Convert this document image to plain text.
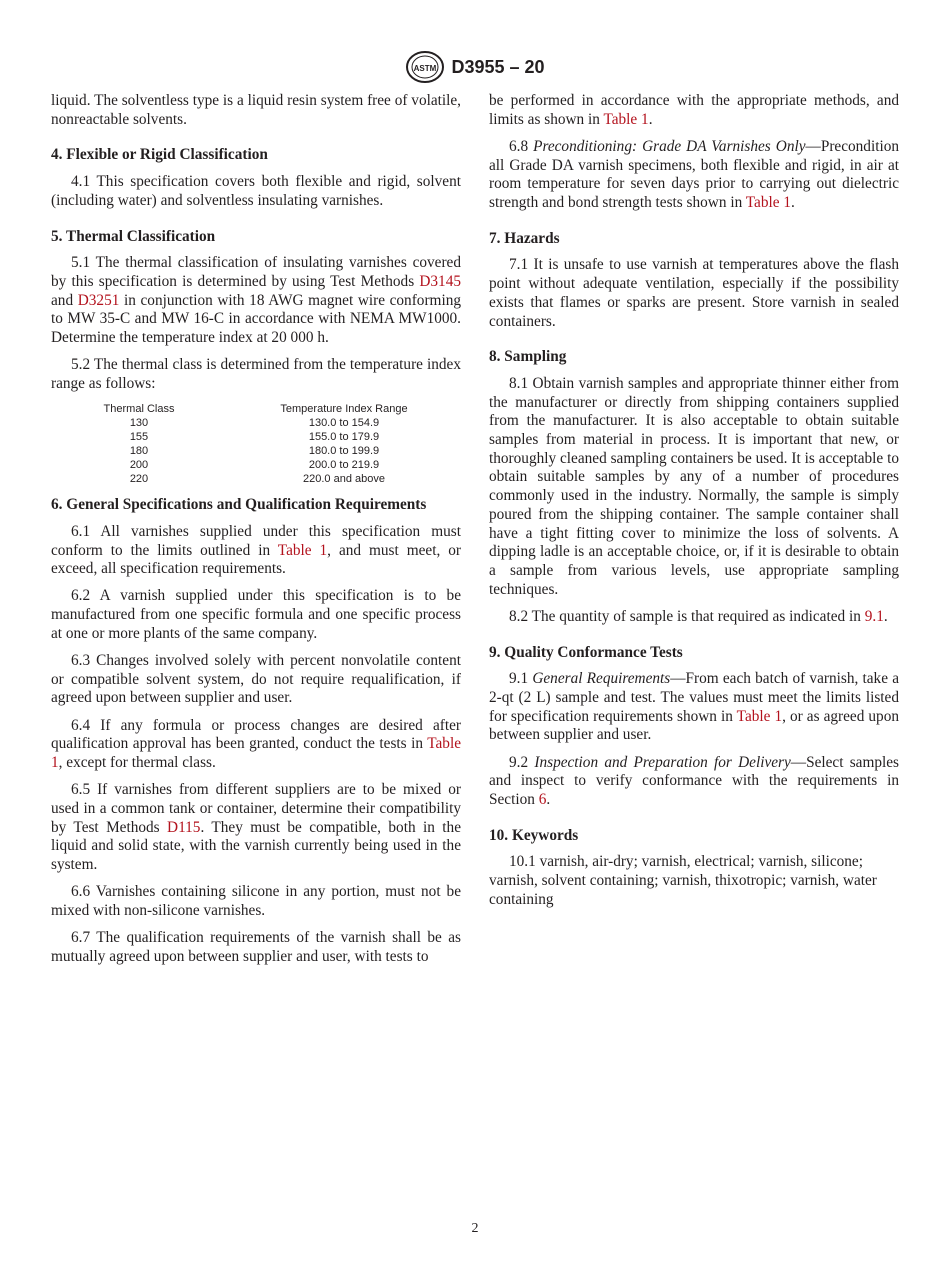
ASTM D3955 – 20

liquid. The solventless type is a liquid resin system free of volatile, nonreactable solvents.

4. Flexible or Rigid Classification

4.1 This specification covers both flexible and rigid, solvent (including water) and solventless insulating varnishes.

5. Thermal Classification

5.1 The thermal classification of insulating varnishes covered by this specification is determined by using Test Methods D3145 and D3251 in conjunction with 18 AWG magnet wire conforming to MW 35-C and MW 16-C in accordance with NEMA MW1000. Determine the temperature index at 20 000 h.

5.2 The thermal class is determined from the temperature index range as follows:

Thermal Class	Temperature Index Range
130	130.0 to 154.9
155	155.0 to 179.9
180	180.0 to 199.9
200	200.0 to 219.9
220	220.0 and above
6. General Specifications and Qualification Requirements

6.1 All varnishes supplied under this specification must conform to the limits outlined in Table 1, and must meet, or exceed, all specification requirements.

6.2 A varnish supplied under this specification is to be manufactured from one specific formula and one specific process at one or more plants of the same company.

6.3 Changes involved solely with percent nonvolatile content or compatible solvent system, do not require requalification, if agreed upon between supplier and user.

6.4 If any formula or process changes are desired after qualification approval has been granted, conduct the tests in Table 1, except for thermal class.

6.5 If varnishes from different suppliers are to be mixed or used in a common tank or container, determine their compatibility by Test Methods D115. They must be compatible, both in the liquid and solid state, with the varnish currently being used in the system.

6.6 Varnishes containing silicone in any portion, must not be mixed with non-silicone varnishes.

6.7 The qualification requirements of the varnish shall be as mutually agreed upon between supplier and user, with tests to

be performed in accordance with the appropriate methods, and limits as shown in Table 1.

6.8 Preconditioning: Grade DA Varnishes Only—Precondition all Grade DA varnish specimens, both flexible and rigid, in air at room temperature for seven days prior to carrying out dielectric strength and bond strength tests shown in Table 1.

7. Hazards

7.1 It is unsafe to use varnish at temperatures above the flash point without adequate ventilation, especially if the possibility exists that flames or sparks are present. Store varnish in sealed containers.

8. Sampling

8.1 Obtain varnish samples and appropriate thinner either from the manufacturer or directly from shipping containers supplied from the manufacturer. It is also acceptable to obtain suitable samples from material in process. It is important that new, or thoroughly cleaned sampling containers be used. It is acceptable to obtain suitable samples by any of a number of procedures commonly used in the industry. Normally, the sample is simply poured from the shipping container. The sample container shall have a tight fitting cover to minimize the loss of solvents. A dipping ladle is an acceptable choice, or, if it is desirable to obtain a sample from various levels, use appropriate sampling techniques.

8.2 The quantity of sample is that required as indicated in 9.1.

9. Quality Conformance Tests

9.1 General Requirements—From each batch of varnish, take a 2-qt (2 L) sample and test. The values must meet the limits listed for specification requirements shown in Table 1, or as agreed upon between supplier and user.

9.2 Inspection and Preparation for Delivery—Select samples and inspect to verify conformance with the requirements in Section 6.

10. Keywords

10.1 varnish, air-dry; varnish, electrical; varnish, silicone; varnish, solvent containing; varnish, thixotropic; varnish, water containing

2
